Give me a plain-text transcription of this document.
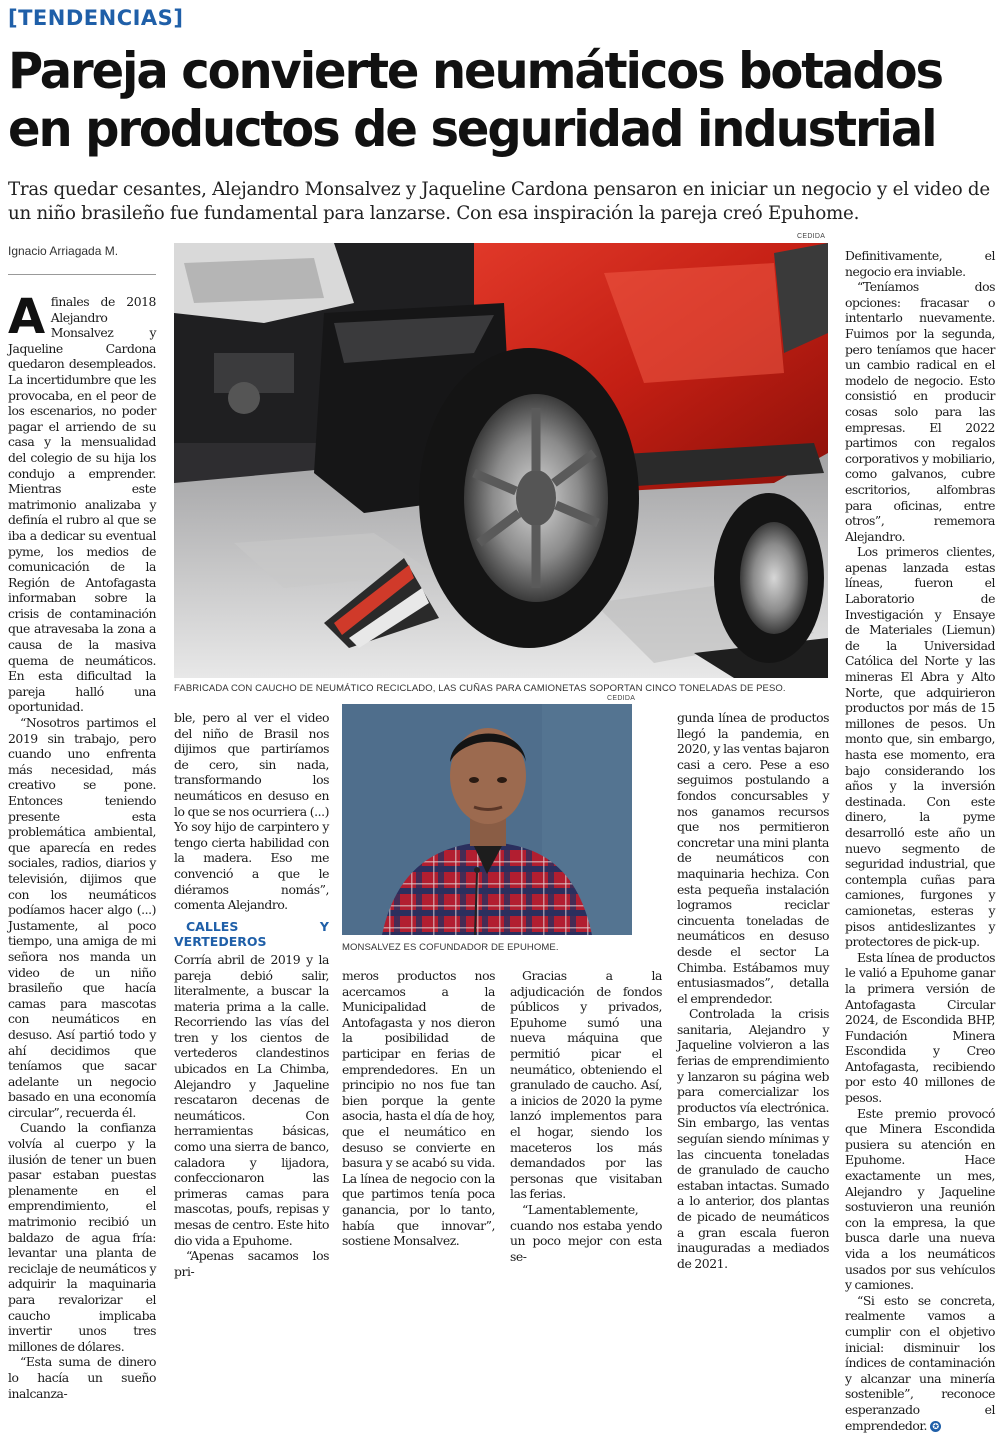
[TENDENCIAS]
Pareja convierte neumáticos botados
en productos de seguridad industrial

Tras quedar cesantes, Alejandro Monsalvez y Jaqueline Cardona pensaron en iniciar un negocio y el video de un niño brasileño fue fundamental para lanzarse. Con esa inspiración la pareja creó Epuhome.

Ignacio Arriagada M.

Afinales de 2018 Alejandro Monsalvez y Jaqueline Cardona quedaron desempleados. La incertidumbre que les provocaba, en el peor de los escenarios, no poder pagar el arriendo de su casa y la mensualidad del colegio de su hija los condujo a emprender. Mientras este matrimonio analizaba y definía el rubro al que se iba a dedicar su eventual pyme, los medios de comunicación de la Región de Antofagasta informaban sobre la crisis de contaminación que atravesaba la zona a causa de la masiva quema de neumáticos. En esta dificultad la pareja halló una oportunidad.

“Nosotros partimos el 2019 sin trabajo, pero cuando uno enfrenta más necesidad, más creativo se pone. Entonces teniendo presente esta problemática ambiental, que aparecía en redes sociales, radios, diarios y televisión, dijimos que con los neumáticos podíamos hacer algo (...) Justamente, al poco tiempo, una amiga de mi señora nos manda un video de un niño brasileño que hacía camas para mascotas con neumáticos en desuso. Así partió todo y ahí decidimos que teníamos que sacar adelante un negocio basado en una economía circular”, recuerda él.

Cuando la confianza volvía al cuerpo y la ilusión de tener un buen pasar estaban puestas plenamente en el emprendimiento, el matrimonio recibió un baldazo de agua fría: levantar una planta de reciclaje de neumáticos y adquirir la maquinaria para revalorizar el caucho implicaba invertir unos tres millones de dólares.

“Esta suma de dinero lo hacía un sueño inalcanza-

CEDIDA
FABRICADA CON CAUCHO DE NEUMÁTICO RECICLADO, LAS CUÑAS PARA CAMIONETAS SOPORTAN CINCO TONELADAS DE PESO.

ble, pero al ver el video del niño de Brasil nos dijimos que partiríamos de cero, sin nada, transformando los neumáticos en desuso en lo que se nos ocurriera (...) Yo soy hijo de carpintero y tengo cierta habilidad con la madera. Eso me convenció a que le diéramos nomás”, comenta Alejandro.

CALLES Y VERTEDEROS

Corría abril de 2019 y la pareja debió salir, literalmente, a buscar la materia prima a la calle. Recorriendo las vías del tren y los cientos de vertederos clandestinos ubicados en La Chimba, Alejandro y Jaqueline rescataron decenas de neumáticos. Con herramientas básicas, como una sierra de banco, caladora y lijadora, confeccionaron las primeras camas para mascotas, poufs, repisas y mesas de centro. Este hito dio vida a Epuhome.

“Apenas sacamos los pri-

CEDIDA
MONSALVEZ ES COFUNDADOR DE EPUHOME.

meros productos nos acercamos a la Municipalidad de Antofagasta y nos dieron la posibilidad de participar en ferias de emprendedores. En un principio no nos fue tan bien porque la gente asocia, hasta el día de hoy, que el neumático en desuso se convierte en basura y se acabó su vida. La línea de negocio con la que partimos tenía poca ganancia, por lo tanto, había que innovar”, sostiene Monsalvez.

Gracias a la adjudicación de fondos públicos y privados, Epuhome sumó una nueva máquina que permitió picar el neumático, obteniendo el granulado de caucho. Así, a inicios de 2020 la pyme lanzó implementos para el hogar, siendo los maceteros los más demandados por las personas que visitaban las ferias.

“Lamentablemente, cuando nos estaba yendo un poco mejor con esta se-

gunda línea de productos llegó la pandemia, en 2020, y las ventas bajaron casi a cero. Pese a eso seguimos postulando a fondos concursables y nos ganamos recursos que nos permitieron concretar una mini planta de neumáticos con maquinaria hechiza. Con esta pequeña instalación logramos reciclar cincuenta toneladas de neumáticos en desuso desde el sector La Chimba. Estábamos muy entusiasmados”, detalla el emprendedor.

Controlada la crisis sanitaria, Alejandro y Jaqueline volvieron a las ferias de emprendimiento y lanzaron su página web para comercializar los productos vía electrónica. Sin embargo, las ventas seguían siendo mínimas y las cincuenta toneladas de granulado de caucho estaban intactas. Sumado a lo anterior, dos plantas de picado de neumáticos a gran escala fueron inauguradas a mediados de 2021.

Definitivamente, el negocio era inviable.

“Teníamos dos opciones: fracasar o intentarlo nuevamente. Fuimos por la segunda, pero teníamos que hacer un cambio radical en el modelo de negocio. Esto consistió en producir cosas solo para las empresas. El 2022 partimos con regalos corporativos y mobiliario, como galvanos, cubre escritorios, alfombras para oficinas, entre otros”, rememora Alejandro.

Los primeros clientes, apenas lanzada estas líneas, fueron el Laboratorio de Investigación y Ensaye de Materiales (Liemun) de la Universidad Católica del Norte y las mineras El Abra y Alto Norte, que adquirieron productos por más de 15 millones de pesos. Un monto que, sin embargo, hasta ese momento, era bajo considerando los años y la inversión destinada. Con este dinero, la pyme desarrolló este año un nuevo segmento de seguridad industrial, que contempla cuñas para camiones, furgones y camionetas, esteras y pisos antideslizantes y protectores de pick-up.

Esta línea de productos le valió a Epuhome ganar la primera versión de Antofagasta Circular 2024, de Escondida BHP, Fundación Minera Escondida y Creo Antofagasta, recibiendo por esto 40 millones de pesos.

Este premio provocó que Minera Escondida pusiera su atención en Epuhome. Hace exactamente un mes, Alejandro y Jaqueline sostuvieron una reunión con la empresa, la que busca darle una nueva vida a los neumáticos usados por sus vehículos y camiones.

“Si esto se concreta, realmente vamos a cumplir con el objetivo inicial: disminuir los índices de contaminación y alcanzar una minería sostenible”, reconoce esperanzado el emprendedor. ✪
